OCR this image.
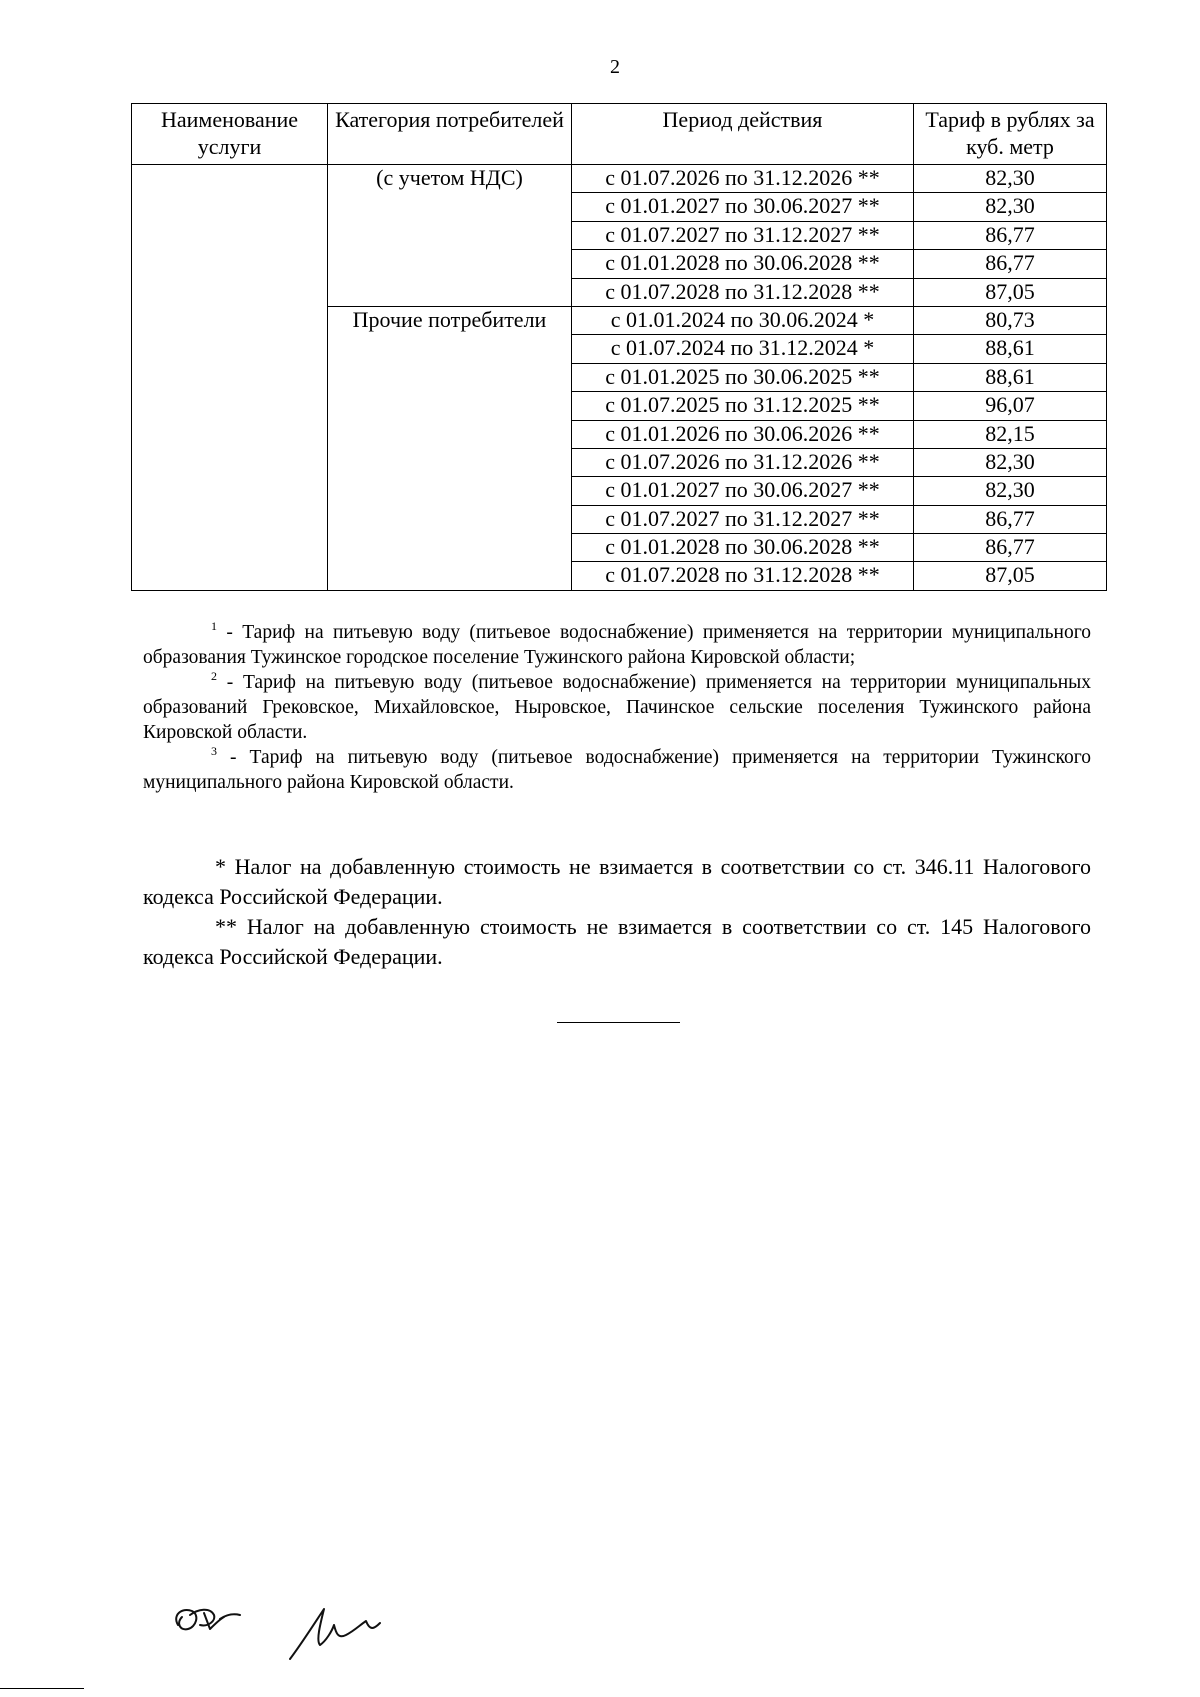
2
Наименование услуги	Категория потребителей	Период действия	Тариф в рублях за куб. метр
	(с учетом НДС)	с 01.07.2026 по 31.12.2026 **	82,30
		с 01.01.2027 по 30.06.2027 **	82,30
		с 01.07.2027 по 31.12.2027 **	86,77
		с 01.01.2028 по 30.06.2028 **	86,77
		с 01.07.2028 по 31.12.2028 **	87,05
	Прочие потребители	с 01.01.2024 по 30.06.2024 *	80,73
		с 01.07.2024 по 31.12.2024 *	88,61
		с 01.01.2025 по 30.06.2025 **	88,61
		с 01.07.2025 по 31.12.2025 **	96,07
		с 01.01.2026 по 30.06.2026 **	82,15
		с 01.07.2026 по 31.12.2026 **	82,30
		с 01.01.2027 по 30.06.2027 **	82,30
		с 01.07.2027 по 31.12.2027 **	86,77
		с 01.01.2028 по 30.06.2028 **	86,77
		с 01.07.2028 по 31.12.2028 **	87,05

$^1$ - Тариф на питьевую воду (питьевое водоснабжение) применяется на территории муниципального образования Тужинское городское поселение Тужинского района Кировской области;

$^2$ - Тариф на питьевую воду (питьевое водоснабжение) применяется на территории муниципальных образований Грековское, Михайловское, Ныровское, Пачинское сельские поселения Тужинского района Кировской области.

$^3$ - Тариф на питьевую воду (питьевое водоснабжение) применяется на территории Тужинского муниципального района Кировской области.

* Налог на добавленную стоимость не взимается в соответствии со ст. 346.11 Налогового кодекса Российской Федерации.

** Налог на добавленную стоимость не взимается в соответствии со ст. 145 Налогового кодекса Российской Федерации.
